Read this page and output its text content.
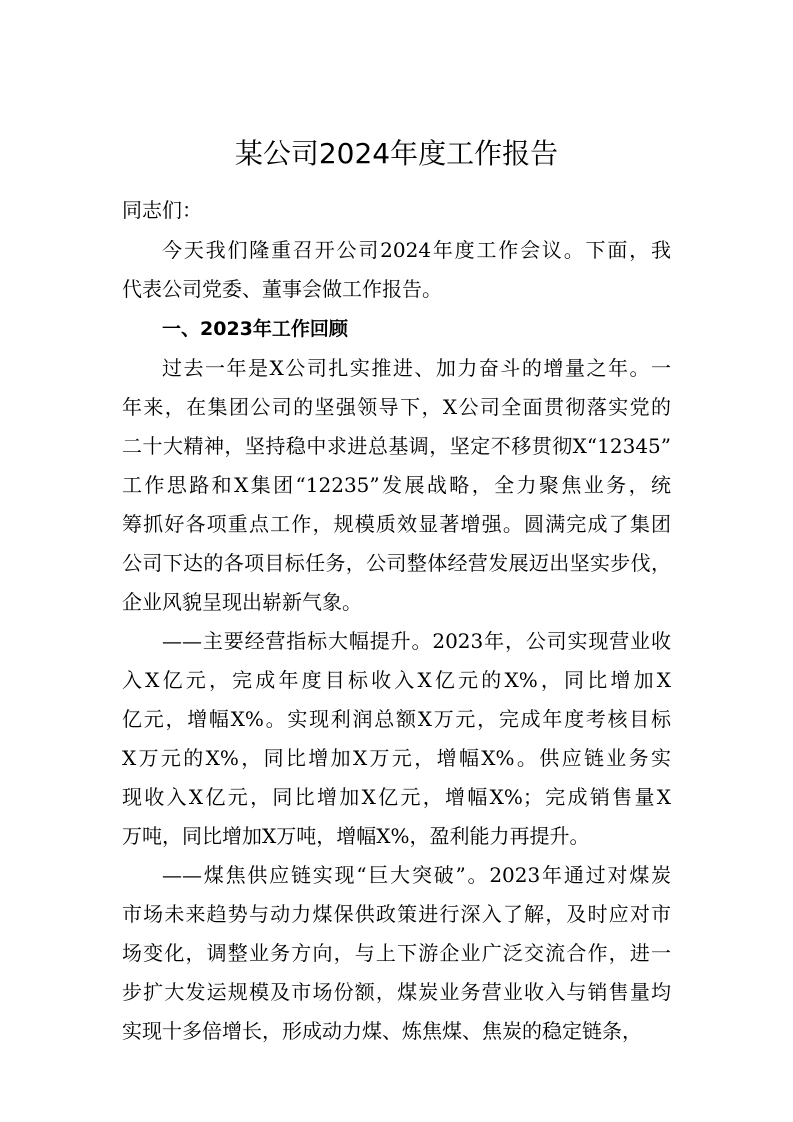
某公司2024年度工作报告
同志们：
今天我们隆重召开公司2024年度工作会议。下面，我
代表公司党委、董事会做工作报告。
一、2023年工作回顾
过去一年是X公司扎实推进、加力奋斗的增量之年。一
年来，在集团公司的坚强领导下，X公司全面贯彻落实党的
二十大精神，坚持稳中求进总基调，坚定不移贯彻X“12345”
工作思路和X集团“12235”发展战略，全力聚焦业务，统
筹抓好各项重点工作，规模质效显著增强。圆满完成了集团
公司下达的各项目标任务，公司整体经营发展迈出坚实步伐，
企业风貌呈现出崭新气象。
——主要经营指标大幅提升。2023年，公司实现营业收
入X亿元，完成年度目标收入X亿元的X%，同比增加X
亿元，增幅X%。实现利润总额X万元，完成年度考核目标
X万元的X%，同比增加X万元，增幅X%。供应链业务实
现收入X亿元，同比增加X亿元，增幅X%；完成销售量X
万吨，同比增加X万吨，增幅X%，盈利能力再提升。
——煤焦供应链实现“巨大突破”。2023年通过对煤炭
市场未来趋势与动力煤保供政策进行深入了解，及时应对市
场变化，调整业务方向，与上下游企业广泛交流合作，进一
步扩大发运规模及市场份额，煤炭业务营业收入与销售量均
实现十多倍增长，形成动力煤、炼焦煤、焦炭的稳定链条，
